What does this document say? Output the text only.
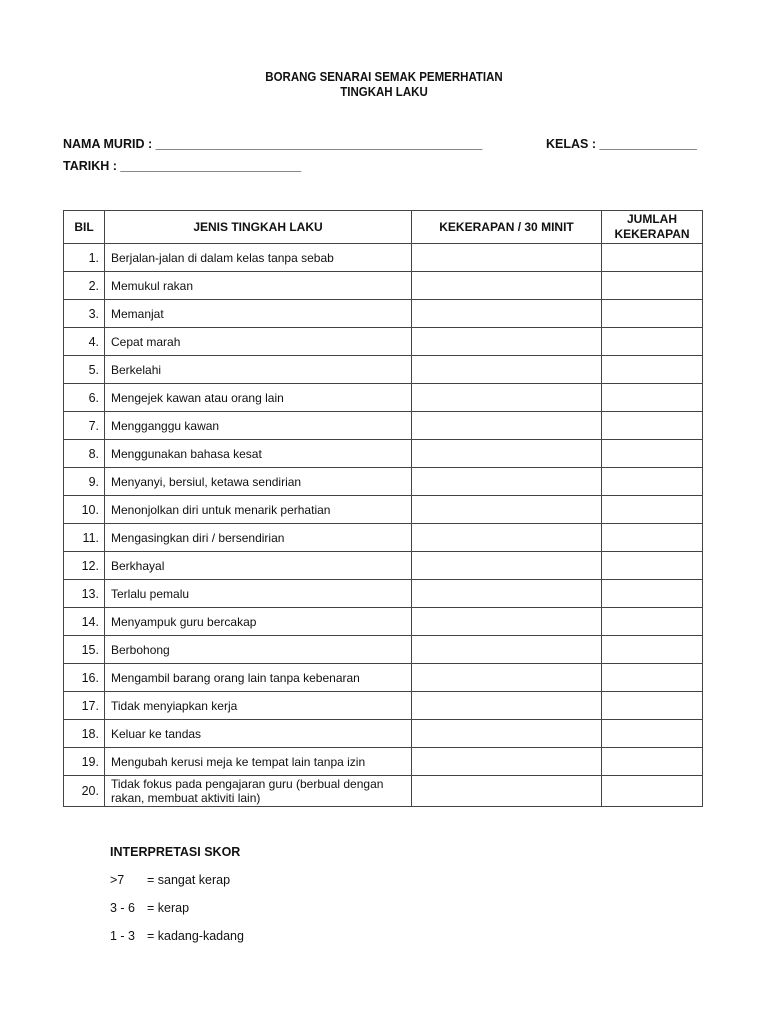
BORANG SENARAI SEMAK PEMERHATIAN
TINGKAH LAKU
NAMA MURID : _______________________________________________	KELAS : ______________
TARIKH : __________________________
BIL	JENIS TINGKAH LAKU	KEKERAPAN / 30 MINIT	JUMLAH
KEKERAPAN
1.	Berjalan-jalan di dalam kelas tanpa sebab		
2.	Memukul rakan		
3.	Memanjat		
4.	Cepat marah		
5.	Berkelahi		
6.	Mengejek kawan atau orang lain		
7.	Mengganggu kawan		
8.	Menggunakan bahasa kesat		
9.	Menyanyi, bersiul, ketawa sendirian		
10.	Menonjolkan diri untuk menarik perhatian		
11.	Mengasingkan diri / bersendirian		
12.	Berkhayal		
13.	Terlalu pemalu		
14.	Menyampuk guru bercakap		
15.	Berbohong		
16.	Mengambil barang orang lain tanpa kebenaran		
17.	Tidak menyiapkan kerja		
18.	Keluar ke tandas		
19.	Mengubah kerusi meja ke tempat lain tanpa izin		
20.	Tidak fokus pada pengajaran guru (berbual dengan rakan, membuat aktiviti lain)		
INTERPRETASI SKOR
>7 = sangat kerap
3 - 6 = kerap
1 - 3 = kadang-kadang
